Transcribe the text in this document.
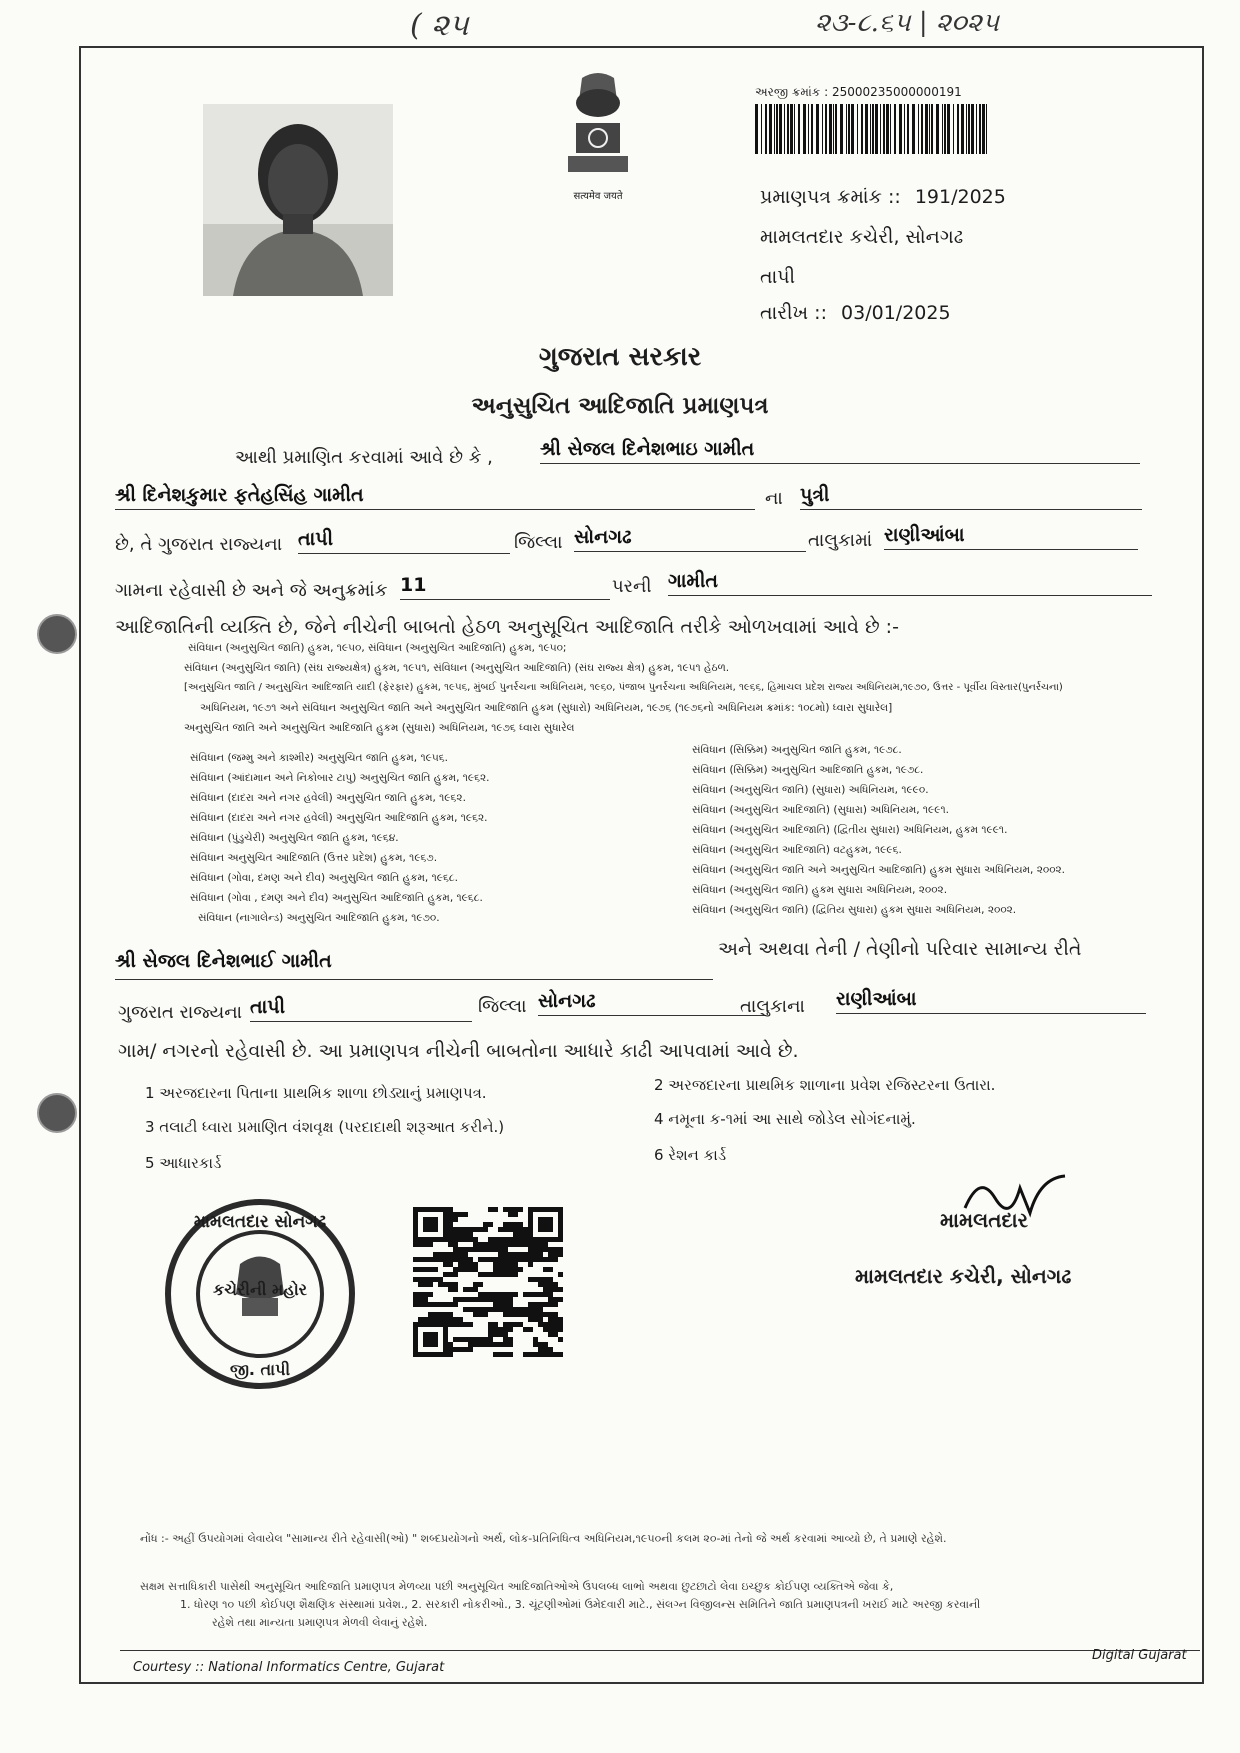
( ૨૫	૨૩-૮.૬૫ | ૨૦૨૫
सत्यमेव जयते
અરજી ક્રમાંક : 25000235000000191
પ્રમાણપત્ર ક્રમાંક :: 191/2025
મામલતદાર કચેરી, સોનગઢ
તાપી
તારીખ :: 03/01/2025
ગુજરાત સરકાર
અનુસુચિત આદિજાતિ પ્રમાણપત્ર
આથી પ્રમાણિત કરવામાં આવે છે કે , શ્રી સેજલ દિનેશભાઇ ગામીત
શ્રી દિનેશકુમાર ફતેહસિંહ ગામીત	ના પુત્રી
છે, તે ગુજરાત રાજ્યના તાપી	જિલ્લા સોનગઢ	તાલુકામાં રાણીઆંબા
ગામના રહેવાસી છે અને જે અનુક્રમાંક 11	પરની ગામીત
આદિજાતિની વ્યક્તિ છે, જેને નીચેની બાબતો હેઠળ અનુસૂચિત આદિજાતિ તરીકે ઓળખવામાં આવે છે :-
સંવિધાન (અનુસુચિત જાતિ) હુકમ, ૧૯૫૦, સંવિધાન (અનુસુચિત આદિજાતિ) હુકમ, ૧૯૫૦;
સંવિધાન (અનુસુચિત જાતિ) (સંઘ રાજ્યક્ષેત્ર) હુકમ, ૧૯૫૧, સંવિધાન (અનુસુચિત આદિજાતિ) (સંઘ રાજ્ય ક્ષેત્ર) હુકમ, ૧૯૫૧ હેઠળ.
[અનુસુચિત જાતિ / અનુસુચિત આદિજાતિ યાદી (ફેરફાર) હુકમ, ૧૯૫૬, મુંબઈ પુનર્રચના અધિનિયમ, ૧૯૬૦, પંજાબ પુનર્રચના અધિનિયમ, ૧૯૬૬, હિમાચલ પ્રદેશ રાજ્ય અધિનિયમ,૧૯૭૦, ઉત્તર - પૂર્વીય વિસ્તાર(પુનર્રચના)
અધિનિયમ, ૧૯૭૧ અને સંવિધાન અનુસુચિત જાતિ અને અનુસુચિત આદિજાતિ હુકમ (સુધારો) અધિનિયમ, ૧૯૭૬ (૧૯૭૬નો અધિનિયમ ક્રમાંક: ૧૦૮મો) ધ્વારા સુધારેલ]
અનુસુચિત જાતિ અને અનુસુચિત આદિજાતિ હુકમ (સુધારા) અધિનિયમ, ૧૯૭૬ ધ્વારા સુધારેલ
સંવિધાન (જમ્મુ અને કાશ્મીર) અનુસુચિત જાતિ હુકમ, ૧૯૫૬.
સંવિધાન (આંદામાન અને નિકોબાર ટાપુ) અનુસુચિત જાતિ હુકમ, ૧૯૬૨.
સંવિધાન (દાદરા અને નગર હવેલી) અનુસુચિત જાતિ હુકમ, ૧૯૬૨.
સંવિધાન (દાદરા અને નગર હવેલી) અનુસુચિત આદિજાતિ હુકમ, ૧૯૬૨.
સંવિધાન (પુંડુચેરી) અનુસુચિત જાતિ હુકમ, ૧૯૬૪.
સંવિધાન અનુસુચિત આદિજાતિ (ઉત્તર પ્રદેશ) હુકમ, ૧૯૬૭.
સંવિધાન (ગોવા, દમણ અને દીવ) અનુસુચિત જાતિ હુકમ, ૧૯૬૮.
સંવિધાન (ગોવા , દમણ અને દીવ) અનુસુચિત આદિજાતિ હુકમ, ૧૯૬૮.
સંવિધાન (નાગાલેન્ડ) અનુસુચિત આદિજાતિ હુકમ, ૧૯૭૦.
સંવિધાન (સિક્કિમ) અનુસુચિત જાતિ હુકમ, ૧૯૭૮.
સંવિધાન (સિક્કિમ) અનુસુચિત આદિજાતિ હુકમ, ૧૯૭૮.
સંવિધાન (અનુસુચિત જાતિ) (સુધારા) અધિનિયમ, ૧૯૯૦.
સંવિધાન (અનુસુચિત આદિજાતિ) (સુધારા) અધિનિયમ, ૧૯૯૧.
સંવિધાન (અનુસુચિત આદિજાતિ) (દ્વિતીય સુધારા) અધિનિયમ, હુકમ ૧૯૯૧.
સંવિધાન (અનુસુચિત આદિજાતિ) વટહુકમ, ૧૯૯૬.
સંવિધાન (અનુસુચિત જાતિ અને અનુસુચિત આદિજાતિ) હુકમ સુધારા અધિનિયમ, ૨૦૦૨.
સંવિધાન (અનુસુચિત જાતિ) હુકમ સુધારા અધિનિયમ, ૨૦૦૨.
સંવિધાન (અનુસુચિત જાતિ) (દ્વિતિય સુધારા) હુકમ સુધારા અધિનિયમ, ૨૦૦૨.
શ્રી સેજલ દિનેશભાઈ ગામીત
અને અથવા તેની / તેણીનો પરિવાર સામાન્ય રીતે
ગુજરાત રાજ્યના તાપી	જિલ્લા સોનગઢ	તાલુકાના રાણીઆંબા
ગામ/ નગરનો રહેવાસી છે. આ પ્રમાણપત્ર નીચેની બાબતોના આધારે કાઢી આપવામાં આવે છે.
1 અરજદારના પિતાના પ્રાથમિક શાળા છોડ્યાનું પ્રમાણપત્ર.	2 અરજદારના પ્રાથમિક શાળાના પ્રવેશ રજિસ્ટરના ઉતારા.
3 તલાટી ધ્વારા પ્રમાણિત વંશવૃક્ષ (પરદાદાથી શરૂઆત કરીને.)	4 નમૂના ક-૧માં આ સાથે જોડેલ સોગંદનામું.
5 આધારકાર્ડ	6 રેશન કાર્ડ
મામલતદાર સોનગઢ
કચેરીની મહોર
જી. તાપી
મામલતદાર
મામલતદાર કચેરી, સોનગઢ
નોંધ :- અહીં ઉપયોગમાં લેવાયેલ "સામાન્ય રીતે રહેવાસી(ઓ) " શબ્દપ્રયોગનો અર્થ, લોક-પ્રતિનિધિત્વ અધિનિયમ,૧૯૫૦ની કલમ ૨૦-માં તેનો જે અર્થ કરવામાં આવ્યો છે, તે પ્રમાણે રહેશે.
સક્ષમ સત્તાધિકારી પાસેથી અનુસૂચિત આદિજાતિ પ્રમાણપત્ર મેળવ્યા પછી અનુસૂચિત આદિજાતિઓએ ઉપલબ્ધ લાભો અથવા છુટછાટો લેવા ઇચ્છુક કોઈપણ વ્યક્તિએ જેવા કે,
1. ધોરણ ૧૦ પછી કોઈપણ શૈક્ષણિક સંસ્થામાં પ્રવેશ., 2. સરકારી નોકરીઓ., 3. ચૂંટણીઓમાં ઉમેદવારી માટે., સંલગ્ન વિજીલન્સ સમિતિને જાતિ પ્રમાણપત્રની ખરાઈ માટે અરજી કરવાની
રહેશે તથા માન્યતા પ્રમાણપત્ર મેળવી લેવાનું રહેશે.
Courtesy :: National Informatics Centre, Gujarat
Digital Gujarat
